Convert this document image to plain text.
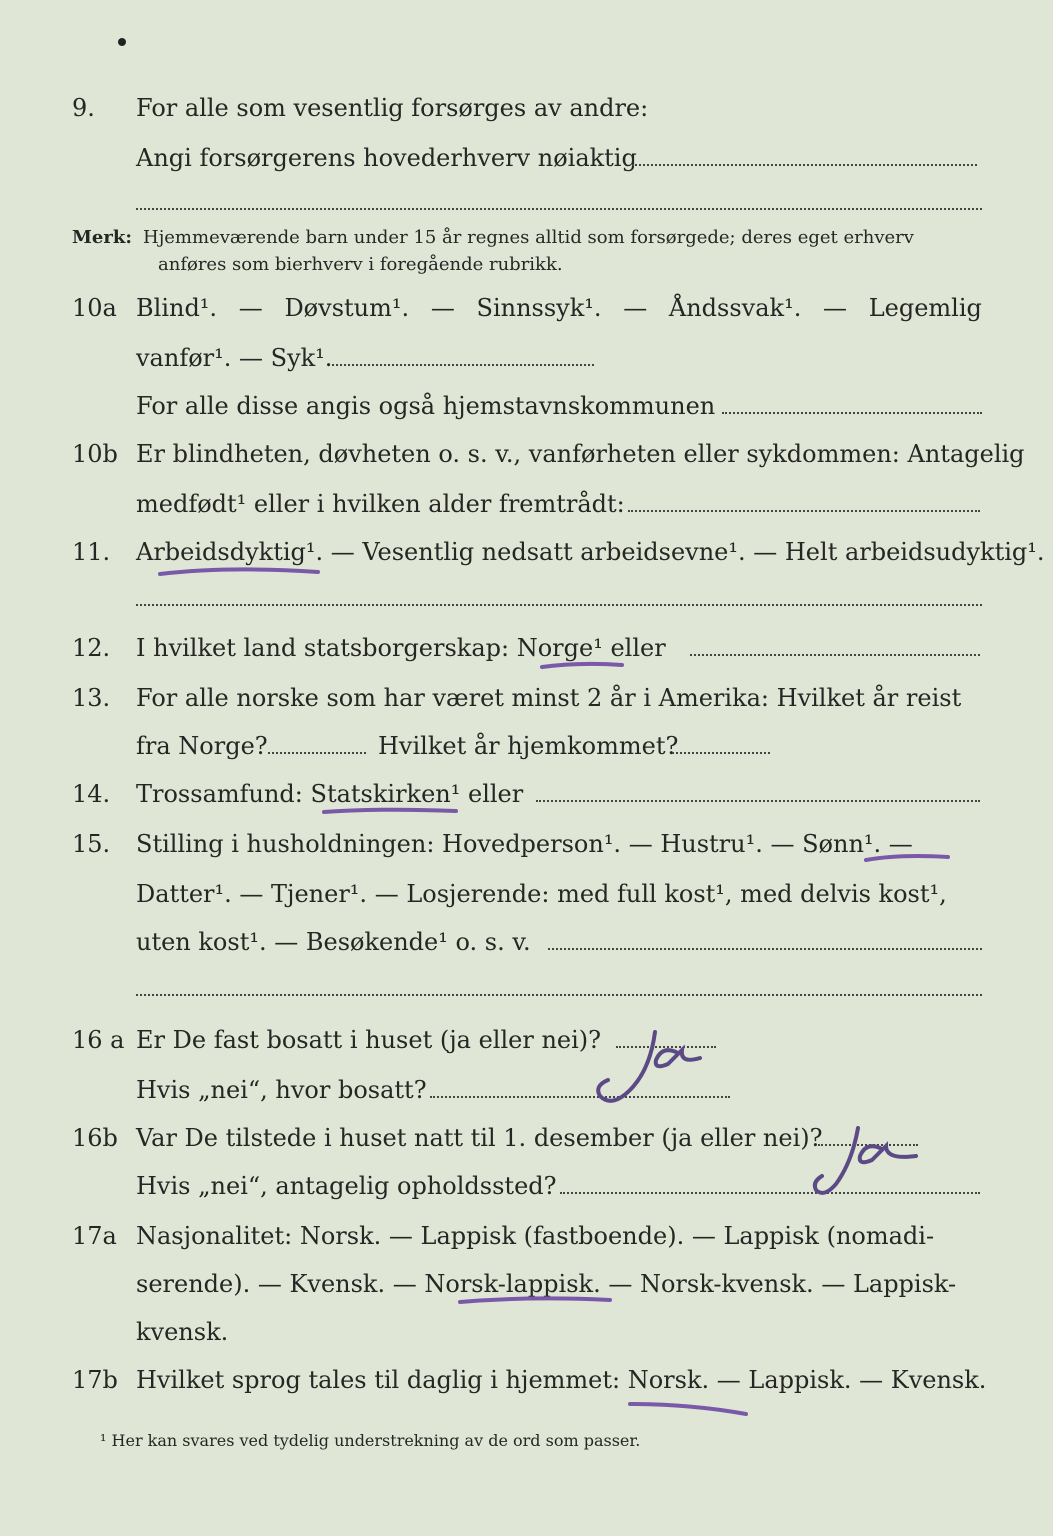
9. For alle som vesentlig forsørges av andre:
Angi forsørgerens hovederhverv nøiaktig
Merk: Hjemmeværende barn under 15 år regnes alltid som forsørgede; deres eget erhverv
anføres som bierhverv i foregående rubrikk.
10a Blind¹. — Døvstum¹. — Sinnssyk¹. — Åndssvak¹. — Legemlig
vanfør¹. — Syk¹.
For alle disse angis også hjemstavnskommunen
10b Er blindheten, døvheten o. s. v., vanførheten eller sykdommen: Antagelig
medfødt¹ eller i hvilken alder fremtrådt:
11. Arbeidsdyktig¹. — Vesentlig nedsatt arbeidsevne¹. — Helt arbeidsudyktig¹.
12. I hvilket land statsborgerskap: Norge¹ eller
13. For alle norske som har været minst 2 år i Amerika: Hvilket år reist
fra Norge?	Hvilket år hjemkommet?
14. Trossamfund: Statskirken¹ eller
15. Stilling i husholdningen: Hovedperson¹. — Hustru¹. — Sønn¹. —
Datter¹. — Tjener¹. — Losjerende: med full kost¹, med delvis kost¹,
uten kost¹. — Besøkende¹ o. s. v.
16 a Er De fast bosatt i huset (ja eller nei)?
Hvis „nei“, hvor bosatt?
16b Var De tilstede i huset natt til 1. desember (ja eller nei)?
Hvis „nei“, antagelig opholdssted?
17a Nasjonalitet: Norsk. — Lappisk (fastboende). — Lappisk (nomadi-
serende). — Kvensk. — Norsk-lappisk. — Norsk-kvensk. — Lappisk-
kvensk.
17b Hvilket sprog tales til daglig i hjemmet: Norsk. — Lappisk. — Kvensk.
¹ Her kan svares ved tydelig understrekning av de ord som passer.
